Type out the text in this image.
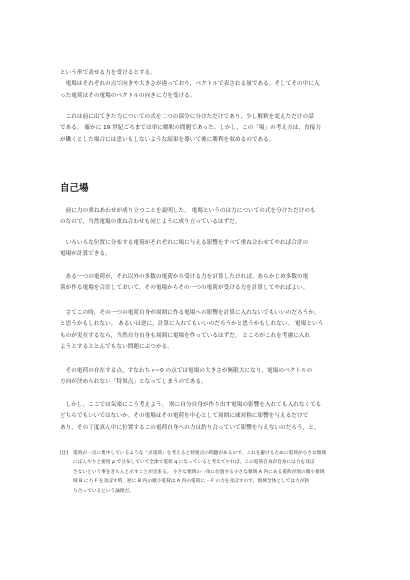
という形で表せる力を受けるとする。
　電場はそれぞれの点で向きや大きさが違っており，ベクトルで表される量である。そしてその中に入
った電荷はその電場のベクトルの向きに力を受ける。
　これは前に出てきた力についての式を二つの部分に分けただけであり，少し解釈を変えただけの話
である。 確かに 19 世紀ごろまでは単に解釈の問題であった。しかし，この「場」の考え方は，直接力
が働くとした場合には思いもしないような結果を導いて後に勝利を収めるのである。
自己場
　前に力の重ねあわせが成り立つことを説明した。 電場というのは力についての式を分けただけのも
のなので，当然電場の重ね合わせも同じように成り立っているはずだ。
　いろいろな位置に分布する電荷がそれぞれに場に与える影響をすべて重ね合わせてやれば合計の
電場が計算できる。
　ある一つの電荷が，それ以外の多数の電荷から受ける力を計算したければ，あらかじめ多数の電
荷が作る電場を合計しておいて，その電場からその一つの電荷が受ける力を計算してやればよい。
　さてこの時，その一つの電荷自身が周囲に作る電場への影響を計算に入れないでもいいのだろうか，
と思うかもしれない。 あるいは逆に，計算に入れてもいいのだろうかと思うかもしれない。 電場という
ものが実在するなら，当然自分自身も周囲に電場を作っているはずだ。 ところがこれを考慮に入れ
ようとするととんでもない問題にぶつかる。
　その電荷の存在する点，すなわち r＝0 の点では電場の大きさが無限大になり，電場のベクトルの
方向が決められない「特異点」となってしまうのである。
　しかし，ここでは気楽にこう考えよう。 別に自分自身が作り出す電場の影響を入れても入れなくても
どちらでもいいではないか。その電場はその電荷を中心として周囲に球対称に影響を与えるだけで
あり，その丁度真ん中に位置するこの電荷自身への力は釣り合っていて影響を与えないのだろう，と。

[注] 電荷が一点に集中しているような「点電荷」を考えると特異点の問題があるので，これを避けるために電荷が小さな領域
にぼんやりと密度 ρ で分布していて全体で電荷 q になっていると考えてやれば，この電荷自身が自身には力を及ぼ
さないという事をきちんと示すことが出来る。 小さな領域の一角に位置する小さな領域 A 内にある電荷が別の微小領域
域 B に力 F を及ぼす時，逆に B 内の微小電荷は A 内の電荷に －F の力を及ぼすので，領域全体としては力が釣
り合っているという論理だ。
